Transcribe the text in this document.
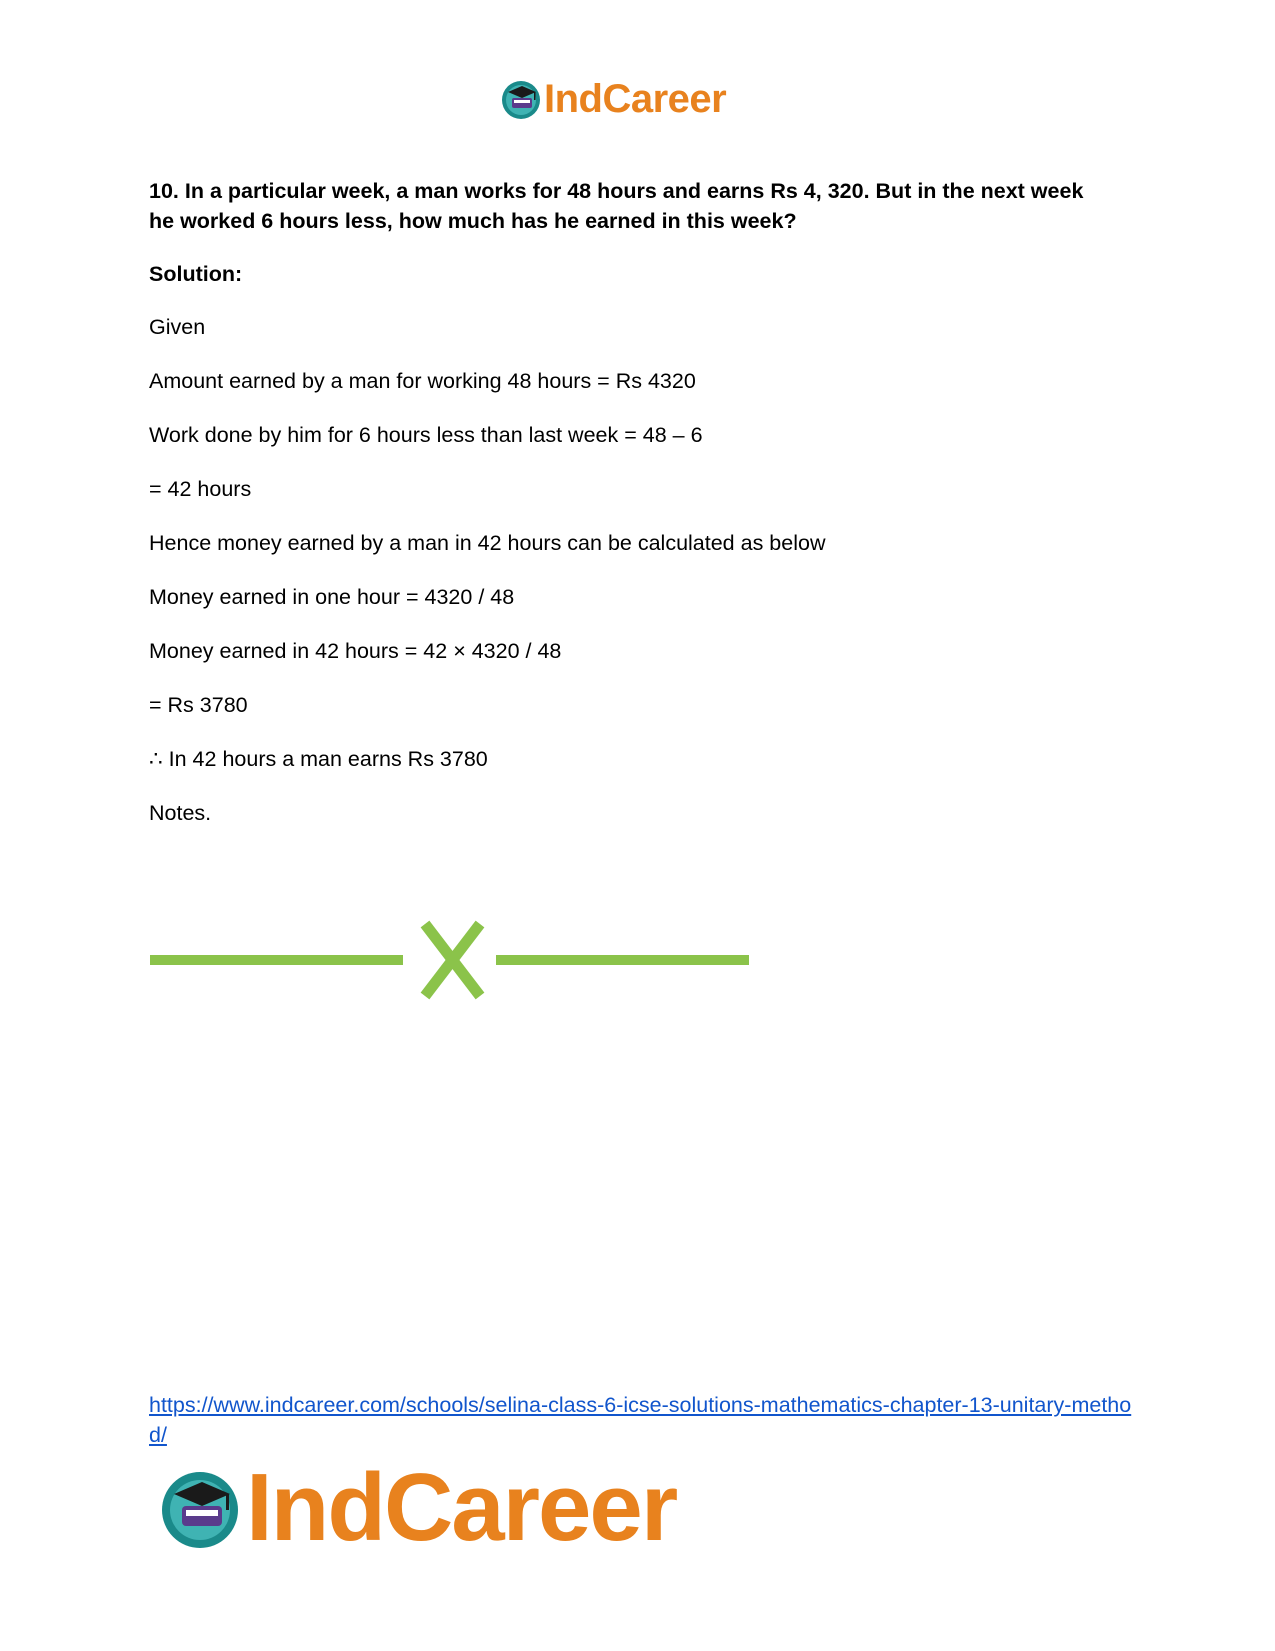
IndCareer

10. In a particular week, a man works for 48 hours and earns Rs 4, 320. But in the next week he worked 6 hours less, how much has he earned in this week?

Solution:

Given

Amount earned by a man for working 48 hours = Rs 4320

Work done by him for 6 hours less than last week = 48 – 6

= 42 hours

Hence money earned by a man in 42 hours can be calculated as below

Money earned in one hour = 4320 / 48

Money earned in 42 hours = 42 × 4320 / 48

= Rs 3780

∴ In 42 hours a man earns Rs 3780

Notes.

https://www.indcareer.com/schools/selina-class-6-icse-solutions-mathematics-chapter-13-unitary-method/
IndCareer
